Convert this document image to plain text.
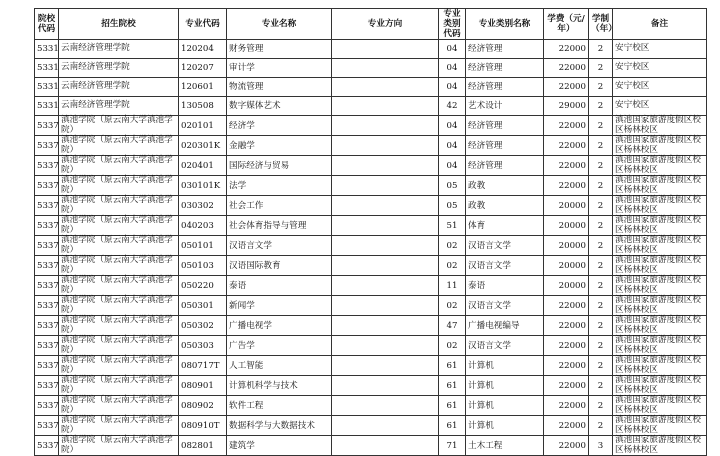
院校代码	招生院校	专业代码	专业名称	专业方向	专业类别代码	专业类别名称	学费（元/年）	学制（年）	备注
5331	云南经济管理学院	120204	财务管理		04	经济管理	22000	2	安宁校区
5331	云南经济管理学院	120207	审计学		04	经济管理	22000	2	安宁校区
5331	云南经济管理学院	120601	物流管理		04	经济管理	22000	2	安宁校区
5331	云南经济管理学院	130508	数字媒体艺术		42	艺术设计	29000	2	安宁校区
5337	滇池学院（原云南大学滇池学院）	020101	经济学		04	经济管理	22000	2	滇池国家旅游度假区校区杨林校区
5337	滇池学院（原云南大学滇池学院）	020301K	金融学		04	经济管理	22000	2	滇池国家旅游度假区校区杨林校区
5337	滇池学院（原云南大学滇池学院）	020401	国际经济与贸易		04	经济管理	22000	2	滇池国家旅游度假区校区杨林校区
5337	滇池学院（原云南大学滇池学院）	030101K	法学		05	政教	22000	2	滇池国家旅游度假区校区杨林校区
5337	滇池学院（原云南大学滇池学院）	030302	社会工作		05	政教	20000	2	滇池国家旅游度假区校区杨林校区
5337	滇池学院（原云南大学滇池学院）	040203	社会体育指导与管理		51	体育	20000	2	滇池国家旅游度假区校区杨林校区
5337	滇池学院（原云南大学滇池学院）	050101	汉语言文学		02	汉语言文学	20000	2	滇池国家旅游度假区校区杨林校区
5337	滇池学院（原云南大学滇池学院）	050103	汉语国际教育		02	汉语言文学	20000	2	滇池国家旅游度假区校区杨林校区
5337	滇池学院（原云南大学滇池学院）	050220	泰语		11	泰语	20000	2	滇池国家旅游度假区校区杨林校区
5337	滇池学院（原云南大学滇池学院）	050301	新闻学		02	汉语言文学	22000	2	滇池国家旅游度假区校区杨林校区
5337	滇池学院（原云南大学滇池学院）	050302	广播电视学		47	广播电视编导	22000	2	滇池国家旅游度假区校区杨林校区
5337	滇池学院（原云南大学滇池学院）	050303	广告学		02	汉语言文学	22000	2	滇池国家旅游度假区校区杨林校区
5337	滇池学院（原云南大学滇池学院）	080717T	人工智能		61	计算机	22000	2	滇池国家旅游度假区校区杨林校区
5337	滇池学院（原云南大学滇池学院）	080901	计算机科学与技术		61	计算机	22000	2	滇池国家旅游度假区校区杨林校区
5337	滇池学院（原云南大学滇池学院）	080902	软件工程		61	计算机	22000	2	滇池国家旅游度假区校区杨林校区
5337	滇池学院（原云南大学滇池学院）	080910T	数据科学与大数据技术		61	计算机	22000	2	滇池国家旅游度假区校区杨林校区
5337	滇池学院（原云南大学滇池学院）	082801	建筑学		71	土木工程	22000	3	滇池国家旅游度假区校区杨林校区
